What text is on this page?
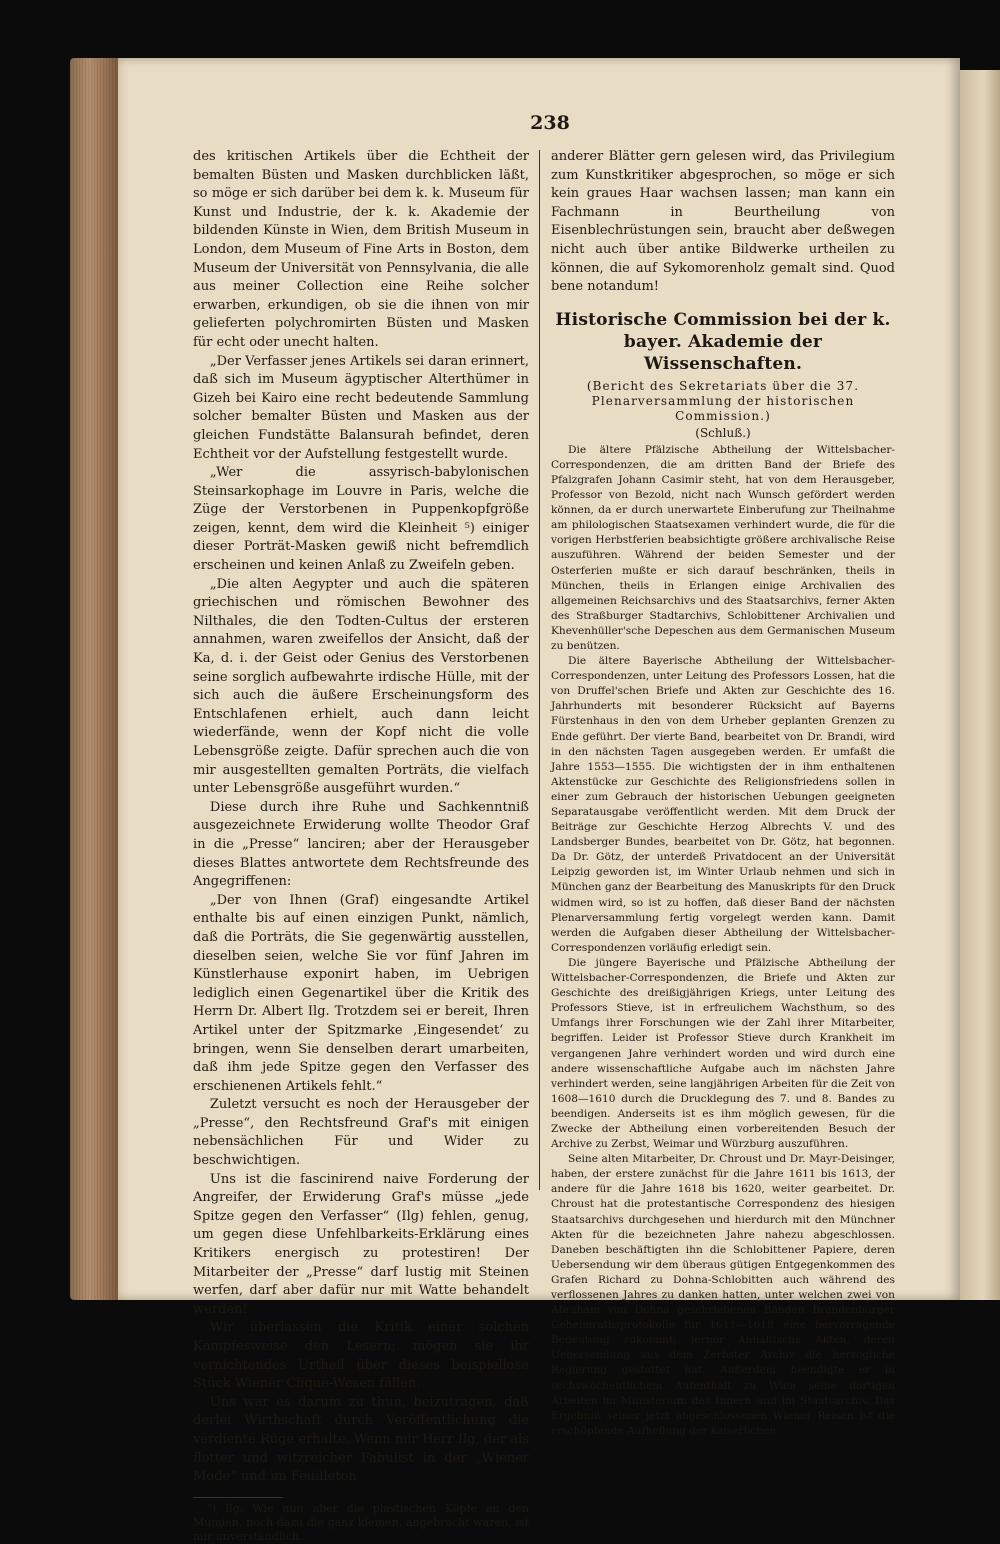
238

des kritischen Artikels über die Echtheit der bemalten Büsten und Masken durchblicken läßt, so möge er sich darüber bei dem k. k. Museum für Kunst und Industrie, der k. k. Akademie der bildenden Künste in Wien, dem British Museum in London, dem Museum of Fine Arts in Boston, dem Museum der Universität von Pennsylvania, die alle aus meiner Collection eine Reihe solcher erwarben, erkundigen, ob sie die ihnen von mir gelieferten polychromirten Büsten und Masken für echt oder unecht halten.

„Der Verfasser jenes Artikels sei daran erinnert, daß sich im Museum ägyptischer Alterthümer in Gizeh bei Kairo eine recht bedeutende Sammlung solcher bemalter Büsten und Masken aus der gleichen Fundstätte Balansurah befindet, deren Echtheit vor der Aufstellung festgestellt wurde.

„Wer die assyrisch-babylonischen Steinsarkophage im Louvre in Paris, welche die Züge der Verstorbenen in Puppenkopfgröße zeigen, kennt, dem wird die Kleinheit ⁵) einiger dieser Porträt-Masken gewiß nicht befremdlich erscheinen und keinen Anlaß zu Zweifeln geben.

„Die alten Aegypter und auch die späteren griechischen und römischen Bewohner des Nilthales, die den Todten-Cultus der ersteren annahmen, waren zweifellos der Ansicht, daß der Ka, d. i. der Geist oder Genius des Verstorbenen seine sorglich aufbewahrte irdische Hülle, mit der sich auch die äußere Erscheinungsform des Entschlafenen erhielt, auch dann leicht wiederfände, wenn der Kopf nicht die volle Lebensgröße zeigte. Dafür sprechen auch die von mir ausgestellten gemalten Porträts, die vielfach unter Lebensgröße ausgeführt wurden.“

Diese durch ihre Ruhe und Sachkenntniß ausgezeichnete Erwiderung wollte Theodor Graf in die „Presse“ lanciren; aber der Herausgeber dieses Blattes antwortete dem Rechtsfreunde des Angegriffenen:

„Der von Ihnen (Graf) eingesandte Artikel enthalte bis auf einen einzigen Punkt, nämlich, daß die Porträts, die Sie gegenwärtig ausstellen, dieselben seien, welche Sie vor fünf Jahren im Künstlerhause exponirt haben, im Uebrigen lediglich einen Gegenartikel über die Kritik des Herrn Dr. Albert Ilg. Trotzdem sei er bereit, Ihren Artikel unter der Spitzmarke ‚Eingesendet‘ zu bringen, wenn Sie denselben derart umarbeiten, daß ihm jede Spitze gegen den Verfasser des erschienenen Artikels fehlt.“

Zuletzt versucht es noch der Herausgeber der „Presse“, den Rechtsfreund Graf's mit einigen nebensächlichen Für und Wider zu beschwichtigen.

Uns ist die fascinirend naive Forderung der Angreifer, der Erwiderung Graf's müsse „jede Spitze gegen den Verfasser“ (Ilg) fehlen, genug, um gegen diese Unfehlbarkeits-Erklärung eines Kritikers energisch zu protestiren! Der Mitarbeiter der „Presse“ darf lustig mit Steinen werfen, darf aber dafür nur mit Watte behandelt werden!

Wir überlassen die Kritik einer solchen Kampfesweise den Lesern; mögen sie ihr vernichtendes Urtheil über dieses beispiellose Stück Wiener Clique-Wesen fällen.

Uns war es darum zu thun, beizutragen, daß derlei Wirthschaft durch Veröffentlichung die verdiente Rüge erhalte. Wenn mir Herr Ilg, der als flotter und witzreicher Fabulist in der „Wiener Mode“ und im Feuilleton

⁵) Ilg: Wie nun aber die plastischen Köpfe an den Mumien, noch dazu die ganz kleinen, angebracht waren, ist mir unverständlich.

anderer Blätter gern gelesen wird, das Privilegium zum Kunstkritiker abgesprochen, so möge er sich kein graues Haar wachsen lassen; man kann ein Fachmann in Beurtheilung von Eisenblechrüstungen sein, braucht aber deßwegen nicht auch über antike Bildwerke urtheilen zu können, die auf Sykomorenholz gemalt sind. Quod bene notandum!

Historische Commission bei der k. bayer. Akademie der Wissenschaften.
(Bericht des Sekretariats über die 37. Plenarversammlung der historischen Commission.)
(Schluß.)

Die ältere Pfälzische Abtheilung der Wittelsbacher-Correspondenzen, die am dritten Band der Briefe des Pfalzgrafen Johann Casimir steht, hat von dem Herausgeber, Professor von Bezold, nicht nach Wunsch gefördert werden können, da er durch unerwartete Einberufung zur Theilnahme am philologischen Staatsexamen verhindert wurde, die für die vorigen Herbstferien beabsichtigte größere archivalische Reise auszuführen. Während der beiden Semester und der Osterferien mußte er sich darauf beschränken, theils in München, theils in Erlangen einige Archivalien des allgemeinen Reichsarchivs und des Staatsarchivs, ferner Akten des Straßburger Stadtarchivs, Schlobittener Archivalien und Khevenhüller'sche Depeschen aus dem Germanischen Museum zu benützen.

Die ältere Bayerische Abtheilung der Wittelsbacher-Correspondenzen, unter Leitung des Professors Lossen, hat die von Druffel'schen Briefe und Akten zur Geschichte des 16. Jahrhunderts mit besonderer Rücksicht auf Bayerns Fürstenhaus in den von dem Urheber geplanten Grenzen zu Ende geführt. Der vierte Band, bearbeitet von Dr. Brandi, wird in den nächsten Tagen ausgegeben werden. Er umfaßt die Jahre 1553—1555. Die wichtigsten der in ihm enthaltenen Aktenstücke zur Geschichte des Religionsfriedens sollen in einer zum Gebrauch der historischen Uebungen geeigneten Separatausgabe veröffentlicht werden. Mit dem Druck der Beiträge zur Geschichte Herzog Albrechts V. und des Landsberger Bundes, bearbeitet von Dr. Götz, hat begonnen. Da Dr. Götz, der unterdeß Privatdocent an der Universität Leipzig geworden ist, im Winter Urlaub nehmen und sich in München ganz der Bearbeitung des Manuskripts für den Druck widmen wird, so ist zu hoffen, daß dieser Band der nächsten Plenarversammlung fertig vorgelegt werden kann. Damit werden die Aufgaben dieser Abtheilung der Wittelsbacher-Correspondenzen vorläufig erledigt sein.

Die jüngere Bayerische und Pfälzische Abtheilung der Wittelsbacher-Correspondenzen, die Briefe und Akten zur Geschichte des dreißigjährigen Kriegs, unter Leitung des Professors Stieve, ist in erfreulichem Wachsthum, so des Umfangs ihrer Forschungen wie der Zahl ihrer Mitarbeiter, begriffen. Leider ist Professor Stieve durch Krankheit im vergangenen Jahre verhindert worden und wird durch eine andere wissenschaftliche Aufgabe auch im nächsten Jahre verhindert werden, seine langjährigen Arbeiten für die Zeit von 1608—1610 durch die Drucklegung des 7. und 8. Bandes zu beendigen. Anderseits ist es ihm möglich gewesen, für die Zwecke der Abtheilung einen vorbereitenden Besuch der Archive zu Zerbst, Weimar und Würzburg auszuführen.

Seine alten Mitarbeiter, Dr. Chroust und Dr. Mayr-Deisinger, haben, der erstere zunächst für die Jahre 1611 bis 1613, der andere für die Jahre 1618 bis 1620, weiter gearbeitet. Dr. Chroust hat die protestantische Correspondenz des hiesigen Staatsarchivs durchgesehen und hierdurch mit den Münchner Akten für die bezeichneten Jahre nahezu abgeschlossen. Daneben beschäftigten ihn die Schlobittener Papiere, deren Uebersendung wir dem überaus gütigen Entgegenkommen des Grafen Richard zu Dohna-Schlobitten auch während des verflossenen Jahres zu danken hatten, unter welchen zwei von Abraham von Dohna geschriebenen Bänden Brandenburger Geheimrathsprotokolle für 1611—1618 eine hervorragende Bedeutung zukommt; ferner Anhaltische Akten, deren Uebersendung aus dem Zerbster Archiv die herzogliche Regierung gestattet hat. Außerdem beendigte er in sechswöchentlichem Aufenthalt zu Wien seine dortigen Arbeiten im Ministerium des Innern und im Staatsarchiv. Das Ergebniß seiner jetzt abgeschlossenen Wiener Reisen ist die erschöpfende Aufhellung der kaiserlichen
